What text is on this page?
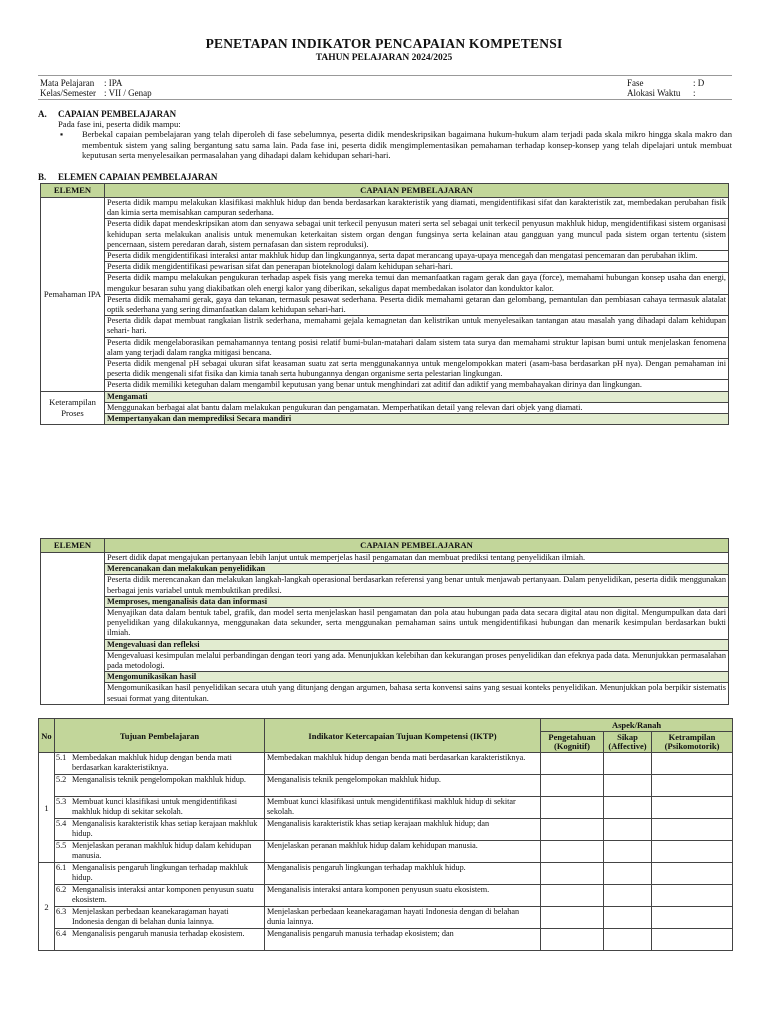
PENETAPAN INDIKATOR PENCAPAIAN KOMPETENSI
TAHUN PELAJARAN 2024/2025
Mata Pelajaran : IPA
Kelas/Semester : VII / Genap
Fase	: D
Alokasi Waktu :
A. CAPAIAN PEMBELAJARAN
Pada fase ini, peserta didik mampu:
▪ Berbekal capaian pembelajaran yang telah diperoleh di fase sebelumnya, peserta didik mendeskripsikan bagaimana hukum-hukum alam terjadi pada skala mikro hingga skala makro dan membentuk sistem yang saling bergantung satu sama lain. Pada fase ini, peserta didik mengimplementasikan pemahaman terhadap konsep-konsep yang telah dipelajari untuk membuat keputusan serta menyelesaikan permasalahan yang dihadapi dalam kehidupan sehari-hari.
B. ELEMEN CAPAIAN PEMBELAJARAN
ELEMEN	CAPAIAN PEMBELAJARAN
Pemahaman IPA	Peserta didik mampu melakukan klasifikasi makhluk hidup dan benda berdasarkan karakteristik yang diamati, mengidentifikasi sifat dan karakteristik zat, membedakan perubahan fisik dan kimia serta memisahkan campuran sederhana.
	Peserta didik dapat mendeskripsikan atom dan senyawa sebagai unit terkecil penyusun materi serta sel sebagai unit terkecil penyusun makhluk hidup, mengidentifikasi sistem organisasi kehidupan serta melakukan analisis untuk menemukan keterkaitan sistem organ dengan fungsinya serta kelainan atau gangguan yang muncul pada sistem organ tertentu (sistem pencernaan, sistem peredaran darah, sistem pernafasan dan sistem reproduksi).
	Peserta didik mengidentifikasi interaksi antar makhluk hidup dan lingkungannya, serta dapat merancang upaya-upaya mencegah dan mengatasi pencemaran dan perubahan iklim.
	Peserta didik mengidentifikasi pewarisan sifat dan penerapan bioteknologi dalam kehidupan sehari-hari.
	Peserta didik mampu melakukan pengukuran terhadap aspek fisis yang mereka temui dan memanfaatkan ragam gerak dan gaya (force), memahami hubungan konsep usaha dan energi, mengukur besaran suhu yang diakibatkan oleh energi kalor yang diberikan, sekaligus dapat membedakan isolator dan konduktor kalor.
	Peserta didik memahami gerak, gaya dan tekanan, termasuk pesawat sederhana. Peserta didik memahami getaran dan gelombang, pemantulan dan pembiasan cahaya termasuk alatalat optik sederhana yang sering dimanfaatkan dalam kehidupan sehari-hari.
	Peserta didik dapat membuat rangkaian listrik sederhana, memahami gejala kemagnetan dan kelistrikan untuk menyelesaikan tantangan atau masalah yang dihadapi dalam kehidupan sehari- hari.
	Peserta didik mengelaborasikan pemahamannya tentang posisi relatif bumi-bulan-matahari dalam sistem tata surya dan memahami struktur lapisan bumi untuk menjelaskan fenomena alam yang terjadi dalam rangka mitigasi bencana.
	Peserta didik mengenal pH sebagai ukuran sifat keasaman suatu zat serta menggunakannya untuk mengelompokkan materi (asam-basa berdasarkan pH nya). Dengan pemahaman ini peserta didik mengenali sifat fisika dan kimia tanah serta hubungannya dengan organisme serta pelestarian lingkungan.
	Peserta didik memiliki keteguhan dalam mengambil keputusan yang benar untuk menghindari zat aditif dan adiktif yang membahayakan dirinya dan lingkungan.
Keterampilan Proses	Mengamati
	Menggunakan berbagai alat bantu dalam melakukan pengukuran dan pengamatan. Memperhatikan detail yang relevan dari objek yang diamati.
	Mempertanyakan dan memprediksi Secara mandiri
ELEMEN	CAPAIAN PEMBELAJARAN
	Pesert didik dapat mengajukan pertanyaan lebih lanjut untuk memperjelas hasil pengamatan dan membuat prediksi tentang penyelidikan ilmiah.
	Merencanakan dan melakukan penyelidikan
	Peserta didik merencanakan dan melakukan langkah-langkah operasional berdasarkan referensi yang benar untuk menjawab pertanyaan. Dalam penyelidikan, peserta didik menggunakan berbagai jenis variabel untuk membuktikan prediksi.
	Memproses, menganalisis data dan informasi
	Menyajikan data dalam bentuk tabel, grafik, dan model serta menjelaskan hasil pengamatan dan pola atau hubungan pada data secara digital atau non digital. Mengumpulkan data dari penyelidikan yang dilakukannya, menggunakan data sekunder, serta menggunakan pemahaman sains untuk mengidentifikasi hubungan dan menarik kesimpulan berdasarkan bukti ilmiah.
	Mengevaluasi dan refleksi
	Mengevaluasi kesimpulan melalui perbandingan dengan teori yang ada. Menunjukkan kelebihan dan kekurangan proses penyelidikan dan efeknya pada data. Menunjukkan permasalahan pada metodologi.
	Mengomunikasikan hasil
	Mengomunikasikan hasil penyelidikan secara utuh yang ditunjang dengan argumen, bahasa serta konvensi sains yang sesuai konteks penyelidikan. Menunjukkan pola berpikir sistematis sesuai format yang ditentukan.
No	Tujuan Pembelajaran	Indikator Ketercapaian Tujuan Kompetensi (IKTP)	Aspek/Ranah		
			Pengetahuan (Kognitif)	Sikap (Affective)	Ketrampilan (Psikomotorik)
1	5.1 Membedakan makhluk hidup dengan benda mati berdasarkan karakteristiknya.	Membedakan makhluk hidup dengan benda mati berdasarkan karakteristiknya.			
	5.2 Menganalisis teknik pengelompokan makhluk hidup.	Menganalisis teknik pengelompokan makhluk hidup.			
	5.3 Membuat kunci klasifikasi untuk mengidentifikasi makhluk hidup di sekitar sekolah.	Membuat kunci klasifikasi untuk mengidentifikasi makhluk hidup di sekitar sekolah.			
	5.4 Menganalisis karakteristik khas setiap kerajaan makhluk hidup.	Menganalisis karakteristik khas setiap kerajaan makhluk hidup; dan			
	5.5 Menjelaskan peranan makhluk hidup dalam kehidupan manusia.	Menjelaskan peranan makhluk hidup dalam kehidupan manusia.			
2	6.1 Menganalisis pengaruh lingkungan terhadap makhluk hidup.	Menganalisis pengaruh lingkungan terhadap makhluk hidup.			
	6.2 Menganalisis interaksi antar komponen penyusun suatu ekosistem.	Menganalisis interaksi antara komponen penyusun suatu ekosistem.			
	6.3 Menjelaskan perbedaan keanekaragaman hayati Indonesia dengan di belahan dunia lainnya.	Menjelaskan perbedaan keanekaragaman hayati Indonesia dengan di belahan dunia lainnya.			
	6.4 Menganalisis pengaruh manusia terhadap ekosistem.	Menganalisis pengaruh manusia terhadap ekosistem; dan			
